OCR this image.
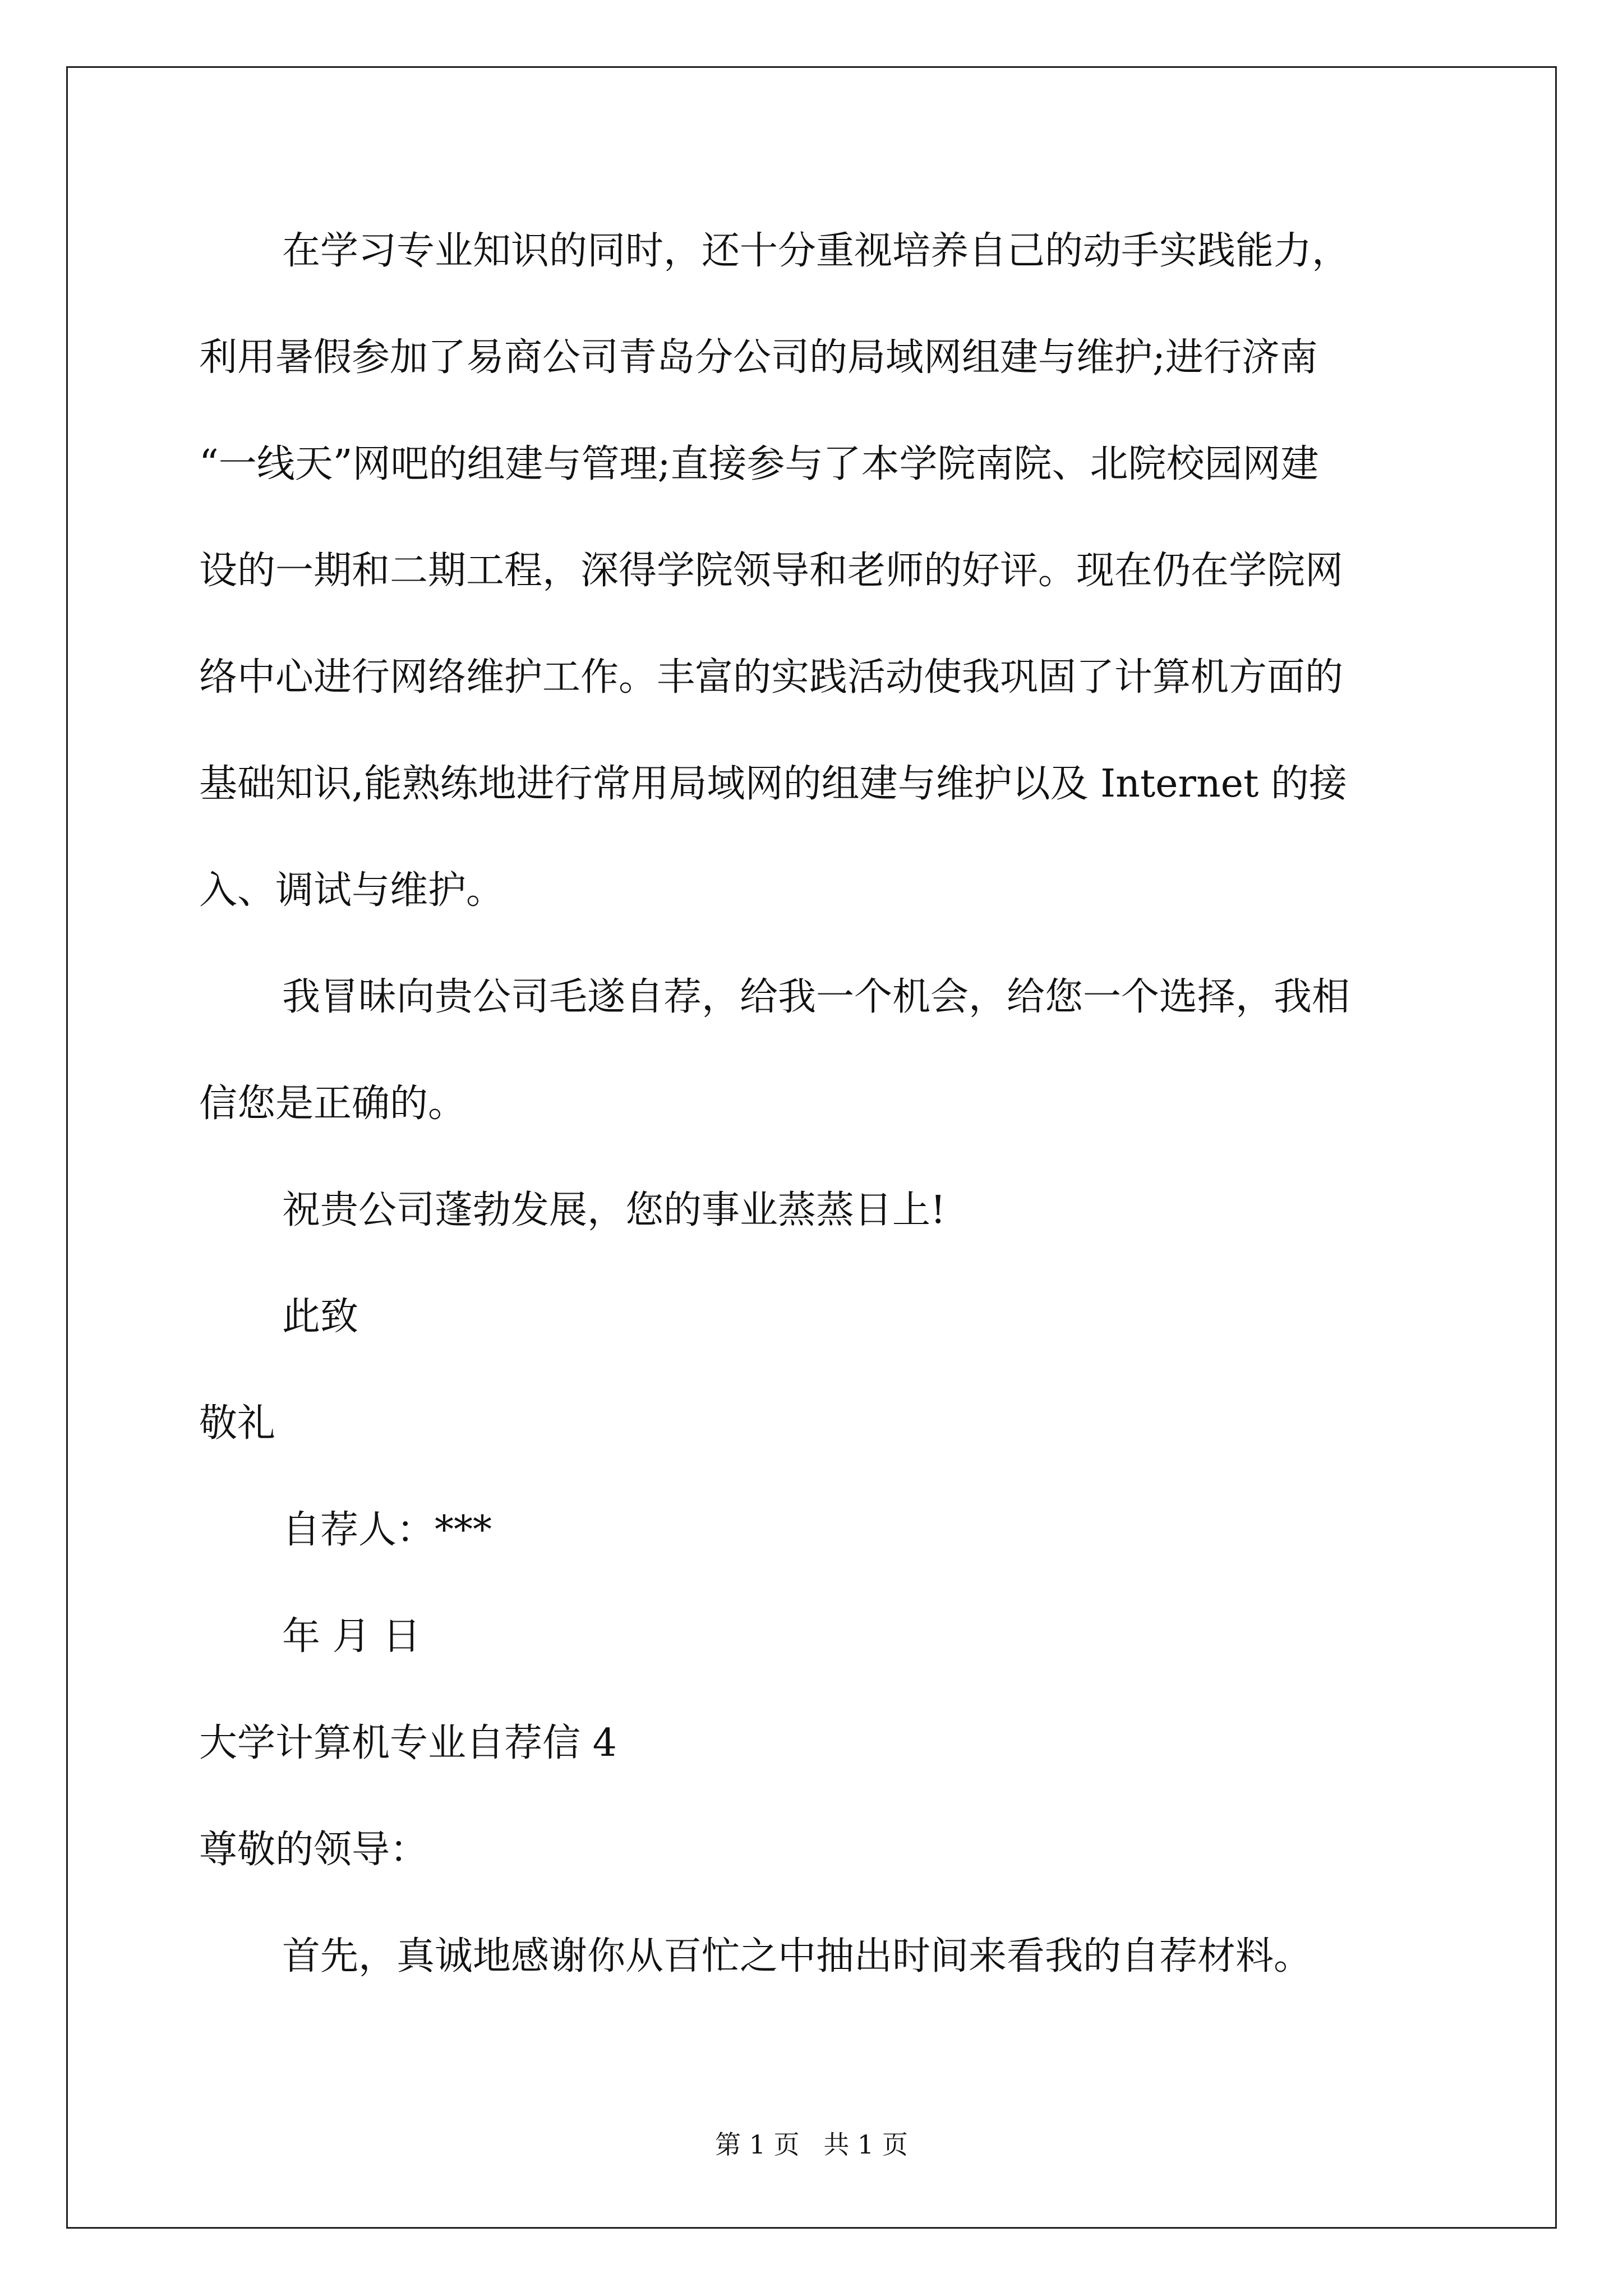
在学习专业知识的同时，还十分重视培养自己的动手实践能力，
利用暑假参加了易商公司青岛分公司的局域网组建与维护;进行济南
“一线天”网吧的组建与管理;直接参与了本学院南院、北院校园网建
设的一期和二期工程，深得学院领导和老师的好评。现在仍在学院网
络中心进行网络维护工作。丰富的实践活动使我巩固了计算机方面的
基础知识,能熟练地进行常用局域网的组建与维护以及 Internet 的接
入、调试与维护。
我冒昧向贵公司毛遂自荐，给我一个机会，给您一个选择，我相
信您是正确的。
祝贵公司蓬勃发展，您的事业蒸蒸日上!
此致
敬礼
自荐人：***
年 月 日
大学计算机专业自荐信 4
尊敬的领导：
首先，真诚地感谢你从百忙之中抽出时间来看我的自荐材料。
第 1 页 共 1 页
